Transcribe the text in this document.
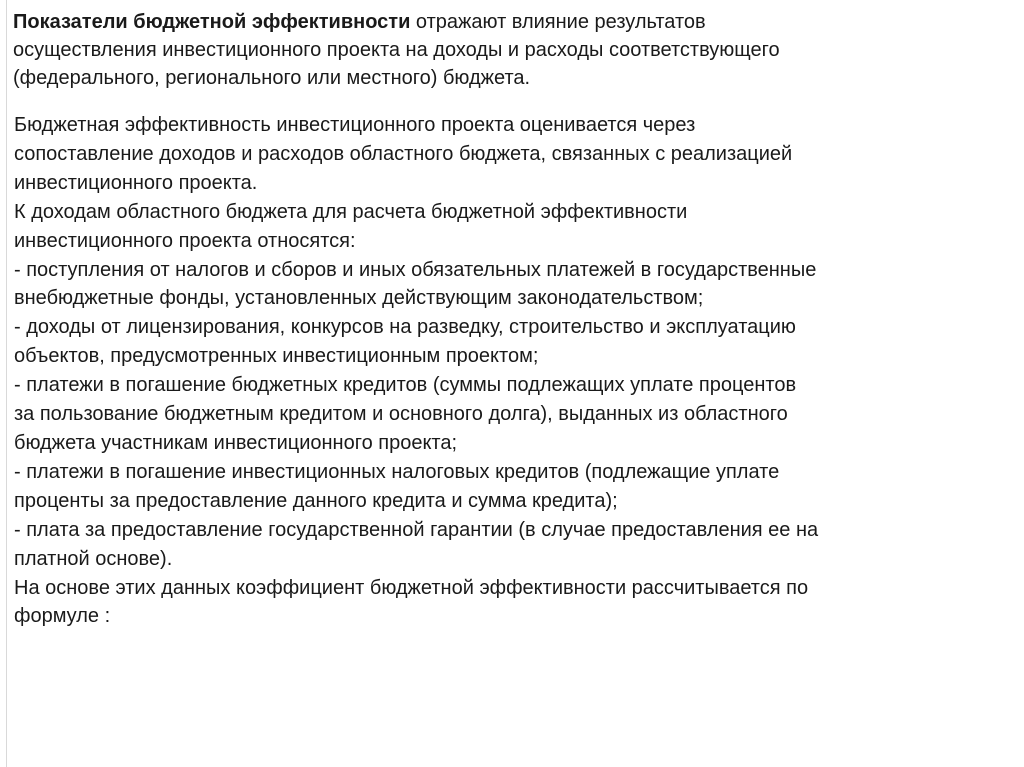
Показатели бюджетной эффективности отражают влияние результатов
осуществления инвестиционного проекта на доходы и расходы соответствующего
(федерального, регионального или местного) бюджета.

Бюджетная эффективность инвестиционного проекта оценивается через
сопоставление доходов и расходов областного бюджета, связанных с реализацией
инвестиционного проекта.
К доходам областного бюджета для расчета бюджетной эффективности
инвестиционного проекта относятся:
- поступления от налогов и сборов и иных обязательных платежей в государственные
внебюджетные фонды, установленных действующим законодательством;
- доходы от лицензирования, конкурсов на разведку, строительство и эксплуатацию
объектов, предусмотренных инвестиционным проектом;
- платежи в погашение бюджетных кредитов (суммы подлежащих уплате процентов
за пользование бюджетным кредитом и основного долга), выданных из областного
бюджета участникам инвестиционного проекта;
- платежи в погашение инвестиционных налоговых кредитов (подлежащие уплате
проценты за предоставление данного кредита и сумма кредита);
- плата за предоставление государственной гарантии (в случае предоставления ее на
платной основе).
На основе этих данных коэффициент бюджетной эффективности рассчитывается по
формуле :
